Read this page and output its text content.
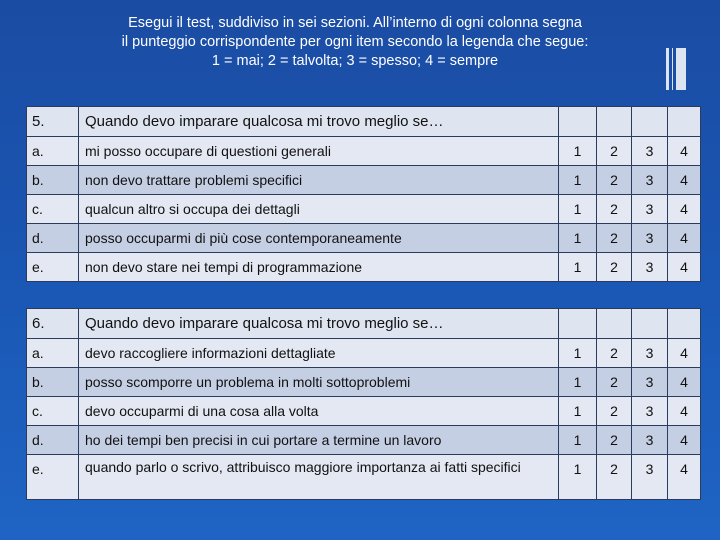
Esegui il test, suddiviso in sei sezioni. All’interno di ogni colonna segna
il punteggio corrispondente per ogni item secondo la legenda che segue:
1 = mai; 2 = talvolta; 3 = spesso; 4 = sempre
5.	Quando devo imparare qualcosa mi trovo meglio se…				
a.	mi posso occupare di questioni generali	1	2	3	4
b.	non devo trattare problemi specifici	1	2	3	4
c.	qualcun altro si occupa dei dettagli	1	2	3	4
d.	posso occuparmi di più cose contemporaneamente	1	2	3	4
e.	non devo stare nei tempi di programmazione	1	2	3	4
6.	Quando devo imparare qualcosa mi trovo meglio se…				
a.	devo raccogliere informazioni dettagliate	1	2	3	4
b.	posso scomporre un problema in molti sottoproblemi	1	2	3	4
c.	devo occuparmi di una cosa alla volta	1	2	3	4
d.	ho dei tempi ben precisi in cui portare a termine un lavoro	1	2	3	4
e.	quando parlo o scrivo, attribuisco maggiore importanza ai fatti specifici	1	2	3	4
